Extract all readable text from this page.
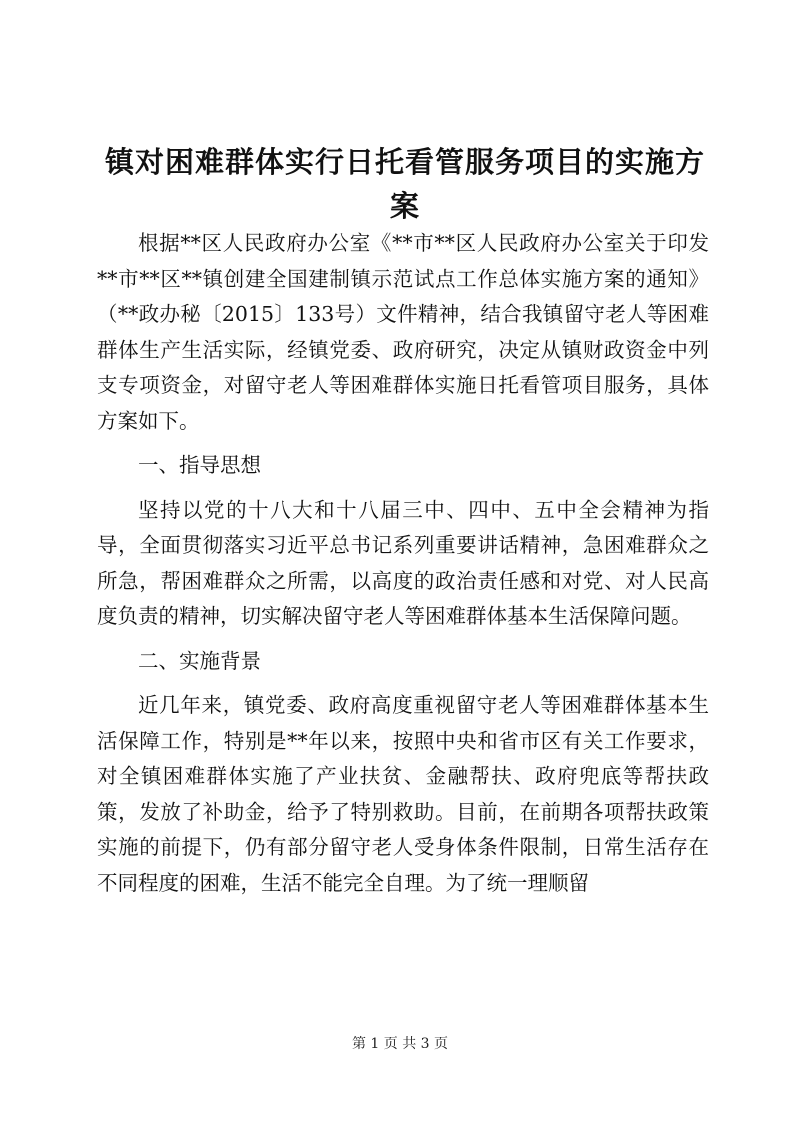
镇对困难群体实行日托看管服务项目的实施方案

根据**区人民政府办公室《**市**区人民政府办公室关于印发**市**区**镇创建全国建制镇示范试点工作总体实施方案的通知》（**政办秘〔2015〕133号）文件精神，结合我镇留守老人等困难群体生产生活实际，经镇党委、政府研究，决定从镇财政资金中列支专项资金，对留守老人等困难群体实施日托看管项目服务，具体方案如下。

一、指导思想

坚持以党的十八大和十八届三中、四中、五中全会精神为指导，全面贯彻落实习近平总书记系列重要讲话精神，急困难群众之所急，帮困难群众之所需，以高度的政治责任感和对党、对人民高度负责的精神，切实解决留守老人等困难群体基本生活保障问题。

二、实施背景

近几年来，镇党委、政府高度重视留守老人等困难群体基本生活保障工作，特别是**年以来，按照中央和省市区有关工作要求，对全镇困难群体实施了产业扶贫、金融帮扶、政府兜底等帮扶政策，发放了补助金，给予了特别救助。目前，在前期各项帮扶政策实施的前提下，仍有部分留守老人受身体条件限制，日常生活存在不同程度的困难，生活不能完全自理。为了统一理顺留

第 1 页 共 3 页
